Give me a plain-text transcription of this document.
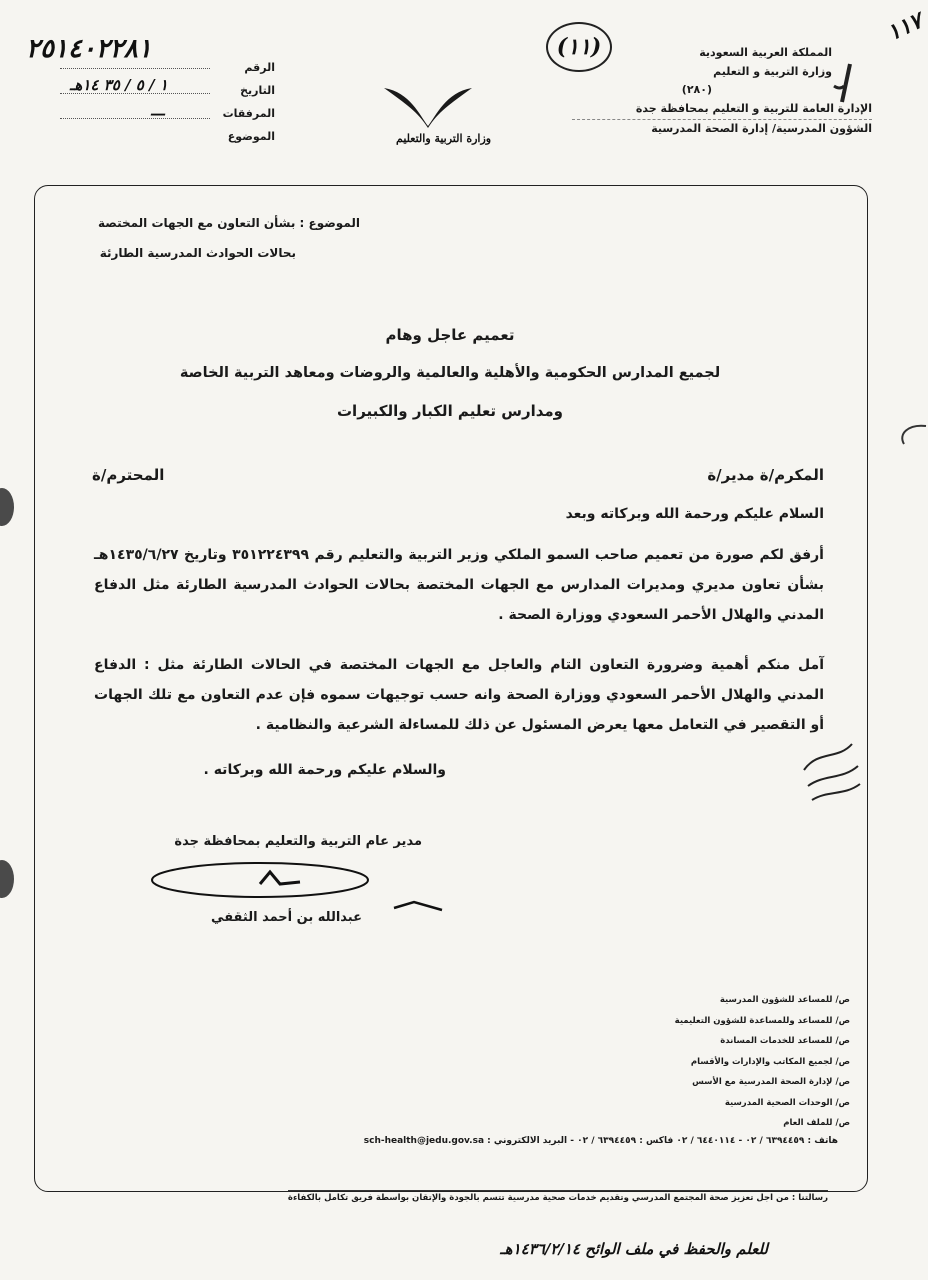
١١٧
المملكة العربية السعودية
وزارة التربية و التعليم
(٢٨٠)
الإدارة العامة للتربية و التعليم بمحافظة جدة
الشؤون المدرسية/ إدارة الصحة المدرسية
(١١)
وزارة التربية والتعليم
الرقم
التاريخ
المرفقات
الموضوع
٢٥١٤٠٢٢٨١
١ / ٥ / ٣٥ ١٤هـ
—
الموضوع : بشأن التعاون مع الجهات المختصة
بحالات الحوادث المدرسية الطارئة
تعميم عاجل وهام
لجميع المدارس الحكومية والأهلية والعالمية والروضات ومعاهد التربية الخاصة
ومدارس تعليم الكبار والكبيرات
المكرم/ة مدير/ة
المحترم/ة
السلام عليكم ورحمة الله وبركاته وبعد
أرفق لكم صورة من تعميم صاحب السمو الملكي وزير التربية والتعليم رقم ٣٥١٢٢٤٣٩٩ وتاريخ ١٤٣٥/٦/٢٧هـ بشأن تعاون مديري ومديرات المدارس مع الجهات المختصة بحالات الحوادث المدرسية الطارئة مثل الدفاع المدني والهلال الأحمر السعودي ووزارة الصحة .
آمل منكم أهمية وضرورة التعاون التام والعاجل مع الجهات المختصة في الحالات الطارئة مثل : الدفاع المدني والهلال الأحمر السعودي ووزارة الصحة وانه حسب توجيهات سموه فإن عدم التعاون مع تلك الجهات أو التقصير في التعامل معها يعرض المسئول عن ذلك للمساءلة الشرعية والنظامية .
والسلام عليكم ورحمة الله وبركاته .
مدير عام التربية والتعليم بمحافظة جدة
عبدالله بن أحمد الثقفي
ص/ للمساعد للشؤون المدرسية
ص/ للمساعد وللمساعدة للشؤون التعليمية
ص/ للمساعد للخدمات المساندة
ص/ لجميع المكاتب والإدارات والأقسام
ص/ لإدارة الصحة المدرسية مع الأسس
ص/ الوحدات الصحية المدرسية
ص/ للملف العام
هاتف : ٦٣٩٤٤٥٩ / ٠٢ - ٦٤٤٠١١٤ / ٠٢ فاكس : ٦٣٩٤٤٥٩ / ٠٢ - البريد الالكتروني : sch-health@jedu.gov.sa
رسالتنا : من اجل تعزيز صحة المجتمع المدرسي وتقديم خدمات صحية مدرسية تتسم بالجودة والإتقان بواسطة فريق تكامل بالكفاءة
للعلم والحفظ في ملف الوائح ١٤٣٦/٢/١٤هـ
